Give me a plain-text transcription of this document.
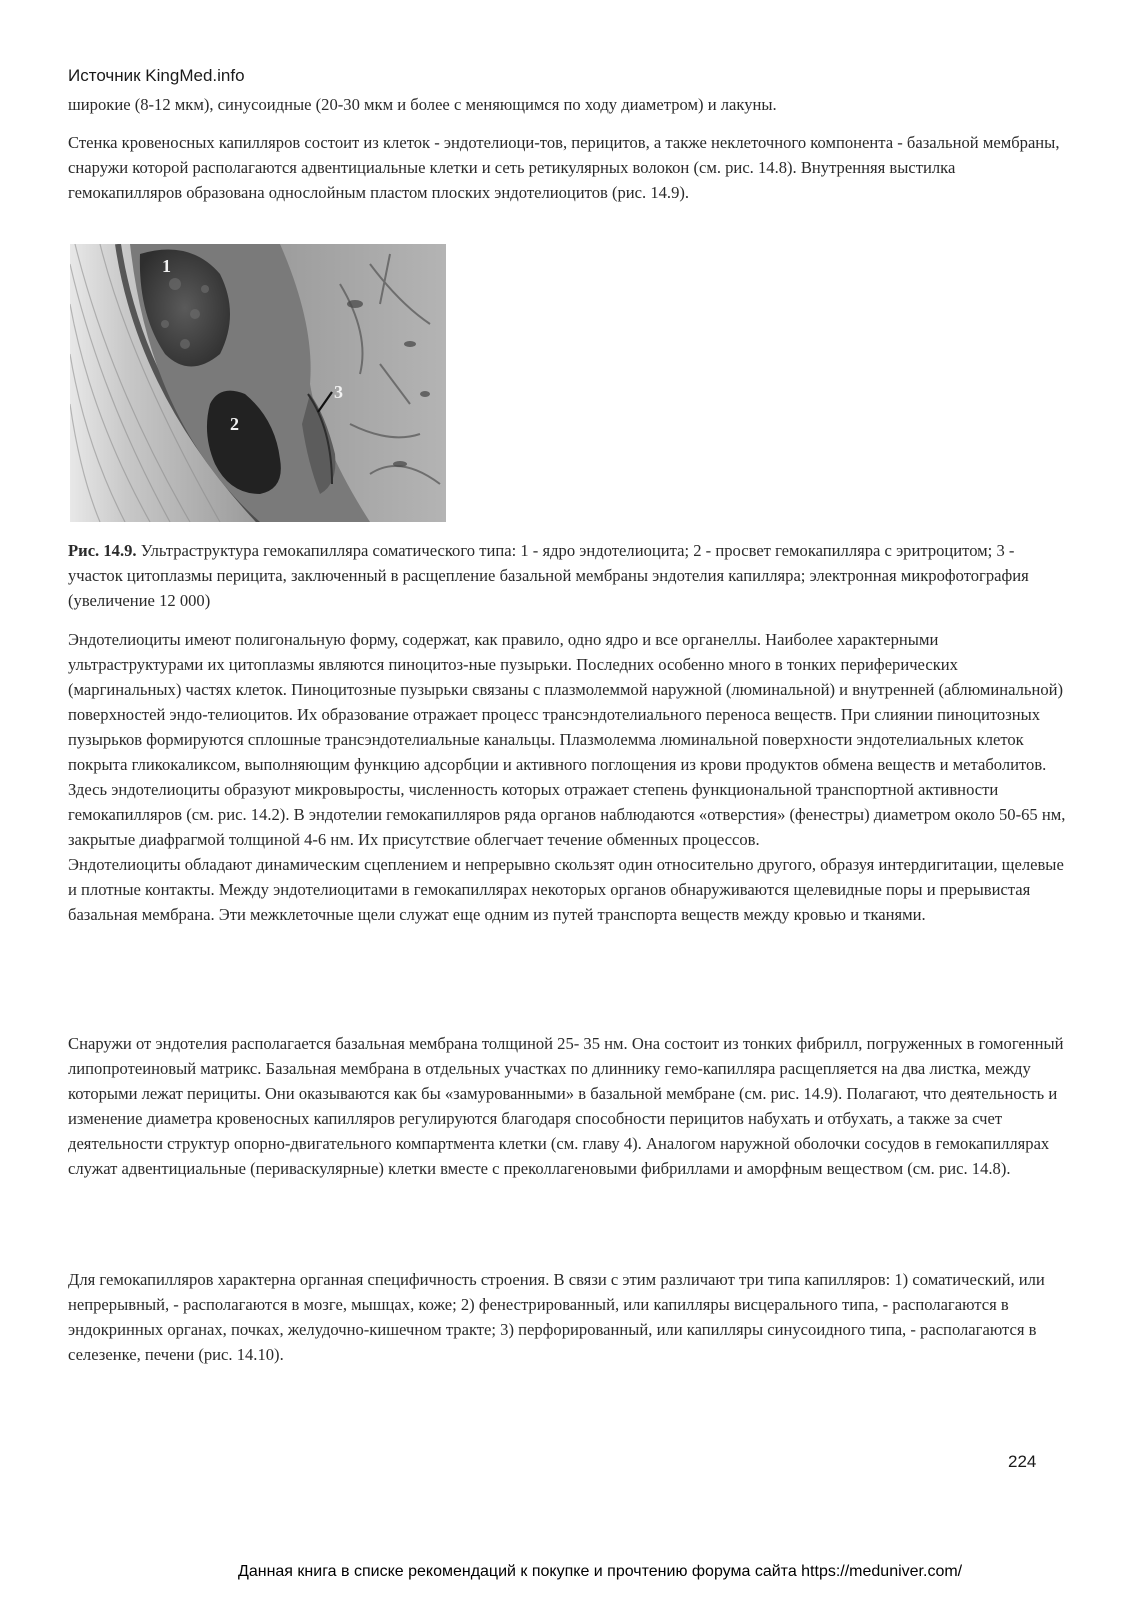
Источник KingMed.info

широкие (8-12 мкм), синусоидные (20-30 мкм и более с меняющимся по ходу диаметром) и лакуны.

Стенка кровеносных капилляров состоит из клеток - эндотелиоци-тов, перицитов, а также неклеточного компонента - базальной мембраны, снаружи которой располагаются адвентициальные клетки и сеть ретикулярных волокон (см. рис. 14.8). Внутренняя выстилка гемокапилляров образована однослойным пластом плоских эндотелиоцитов (рис. 14.9).

1
2
3

Рис. 14.9. Ультраструктура гемокапилляра соматического типа: 1 - ядро эндотелиоцита; 2 - просвет гемокапилляра с эритроцитом; 3 - участок цитоплазмы перицита, заключенный в расщепление базальной мембраны эндотелия капилляра; электронная микрофотография (увеличение 12 000)

Эндотелиоциты имеют полигональную форму, содержат, как правило, одно ядро и все органеллы. Наиболее характерными ультраструктурами их цитоплазмы являются пиноцитоз-ные пузырьки. Последних особенно много в тонких периферических (маргинальных) частях клеток. Пиноцитозные пузырьки связаны с плазмолеммой наружной (люминальной) и внутренней (аблюминальной) поверхностей эндо-телиоцитов. Их образование отражает процесс трансэндотелиального переноса веществ. При слиянии пиноцитозных пузырьков формируются сплошные трансэндотелиальные канальцы. Плазмолемма люминальной поверхности эндотелиальных клеток покрыта гликокаликсом, выполняющим функцию адсорбции и активного поглощения из крови продуктов обмена веществ и метаболитов. Здесь эндотелиоциты образуют микровыросты, численность которых отражает степень функциональной транспортной активности гемокапилляров (см. рис. 14.2). В эндотелии гемокапилляров ряда органов наблюдаются «отверстия» (фенестры) диаметром около 50-65 нм, закрытые диафрагмой толщиной 4-6 нм. Их присутствие облегчает течение обменных процессов.
Эндотелиоциты обладают динамическим сцеплением и непрерывно скользят один относительно другого, образуя интердигитации, щелевые и плотные контакты. Между эндотелиоцитами в гемокапиллярах некоторых органов обнаруживаются щелевидные поры и прерывистая базальная мембрана. Эти межклеточные щели служат еще одним из путей транспорта веществ между кровью и тканями.

Снаружи от эндотелия располагается базальная мембрана толщиной 25- 35 нм. Она состоит из тонких фибрилл, погруженных в гомогенный липопротеиновый матрикс. Базальная мембрана в отдельных участках по длиннику гемо-капилляра расщепляется на два листка, между которыми лежат перициты. Они оказываются как бы «замурованными» в базальной мембране (см. рис. 14.9). Полагают, что деятельность и изменение диаметра кровеносных капилляров регулируются благодаря способности перицитов набухать и отбухать, а также за счет деятельности структур опорно-двигательного компартмента клетки (см. главу 4). Аналогом наружной оболочки сосудов в гемокапиллярах служат адвентициальные (периваскулярные) клетки вместе с преколлагеновыми фибриллами и аморфным веществом (см. рис. 14.8).

Для гемокапилляров характерна органная специфичность строения. В связи с этим различают три типа капилляров: 1) соматический, или непрерывный, - располагаются в мозге, мышцах, коже; 2) фенестрированный, или капилляры висцерального типа, - располагаются в эндокринных органах, почках, желудочно-кишечном тракте; 3) перфорированный, или капилляры синусоидного типа, - располагаются в селезенке, печени (рис. 14.10).

224
Данная книга в списке рекомендаций к покупке и прочтению форума сайта https://meduniver.com/
